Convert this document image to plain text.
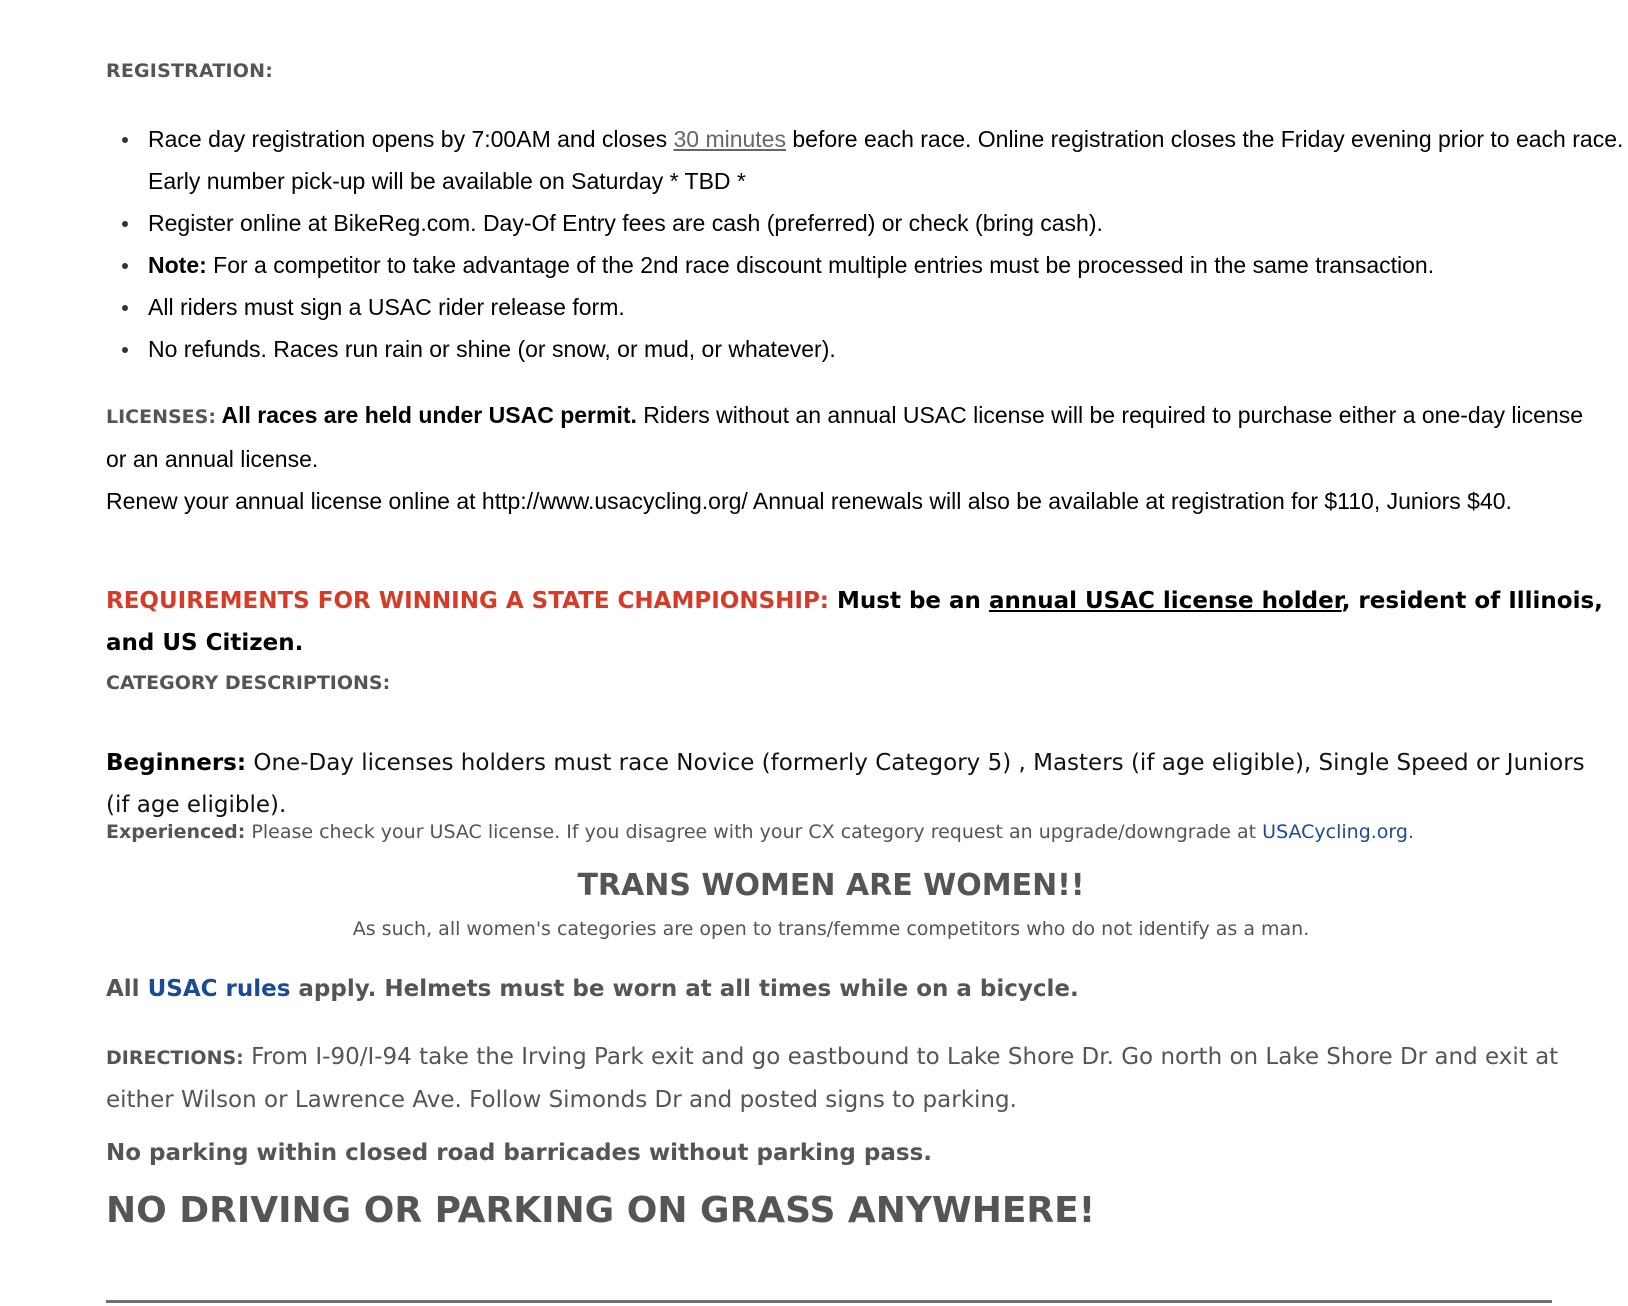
REGISTRATION:
Race day registration opens by 7:00AM and closes 30 minutes before each race. Online registration closes the Friday evening prior to each race. Early number pick-up will be available on Saturday * TBD *
Register online at BikeReg.com. Day-Of Entry fees are cash (preferred) or check (bring cash).
Note: For a competitor to take advantage of the 2nd race discount multiple entries must be processed in the same transaction.
All riders must sign a USAC rider release form.
No refunds. Races run rain or shine (or snow, or mud, or whatever).
LICENSES: All races are held under USAC permit. Riders without an annual USAC license will be required to purchase either a one-day license or an annual license.
Renew your annual license online at http://www.usacycling.org/ Annual renewals will also be available at registration for $110, Juniors $40.
REQUIREMENTS FOR WINNING A STATE CHAMPIONSHIP: Must be an annual USAC license holder, resident of Illinois, and US Citizen.
CATEGORY DESCRIPTIONS:
Beginners: One-Day licenses holders must race Novice (formerly Category 5) , Masters (if age eligible), Single Speed or Juniors (if age eligible).
Experienced: Please check your USAC license. If you disagree with your CX category request an upgrade/downgrade at USACycling.org.
TRANS WOMEN ARE WOMEN!!
As such, all women's categories are open to trans/femme competitors who do not identify as a man.
All USAC rules apply. Helmets must be worn at all times while on a bicycle.
DIRECTIONS: From I-90/I-94 take the Irving Park exit and go eastbound to Lake Shore Dr. Go north on Lake Shore Dr and exit at either Wilson or Lawrence Ave. Follow Simonds Dr and posted signs to parking.
No parking within closed road barricades without parking pass.
NO DRIVING OR PARKING ON GRASS ANYWHERE!
